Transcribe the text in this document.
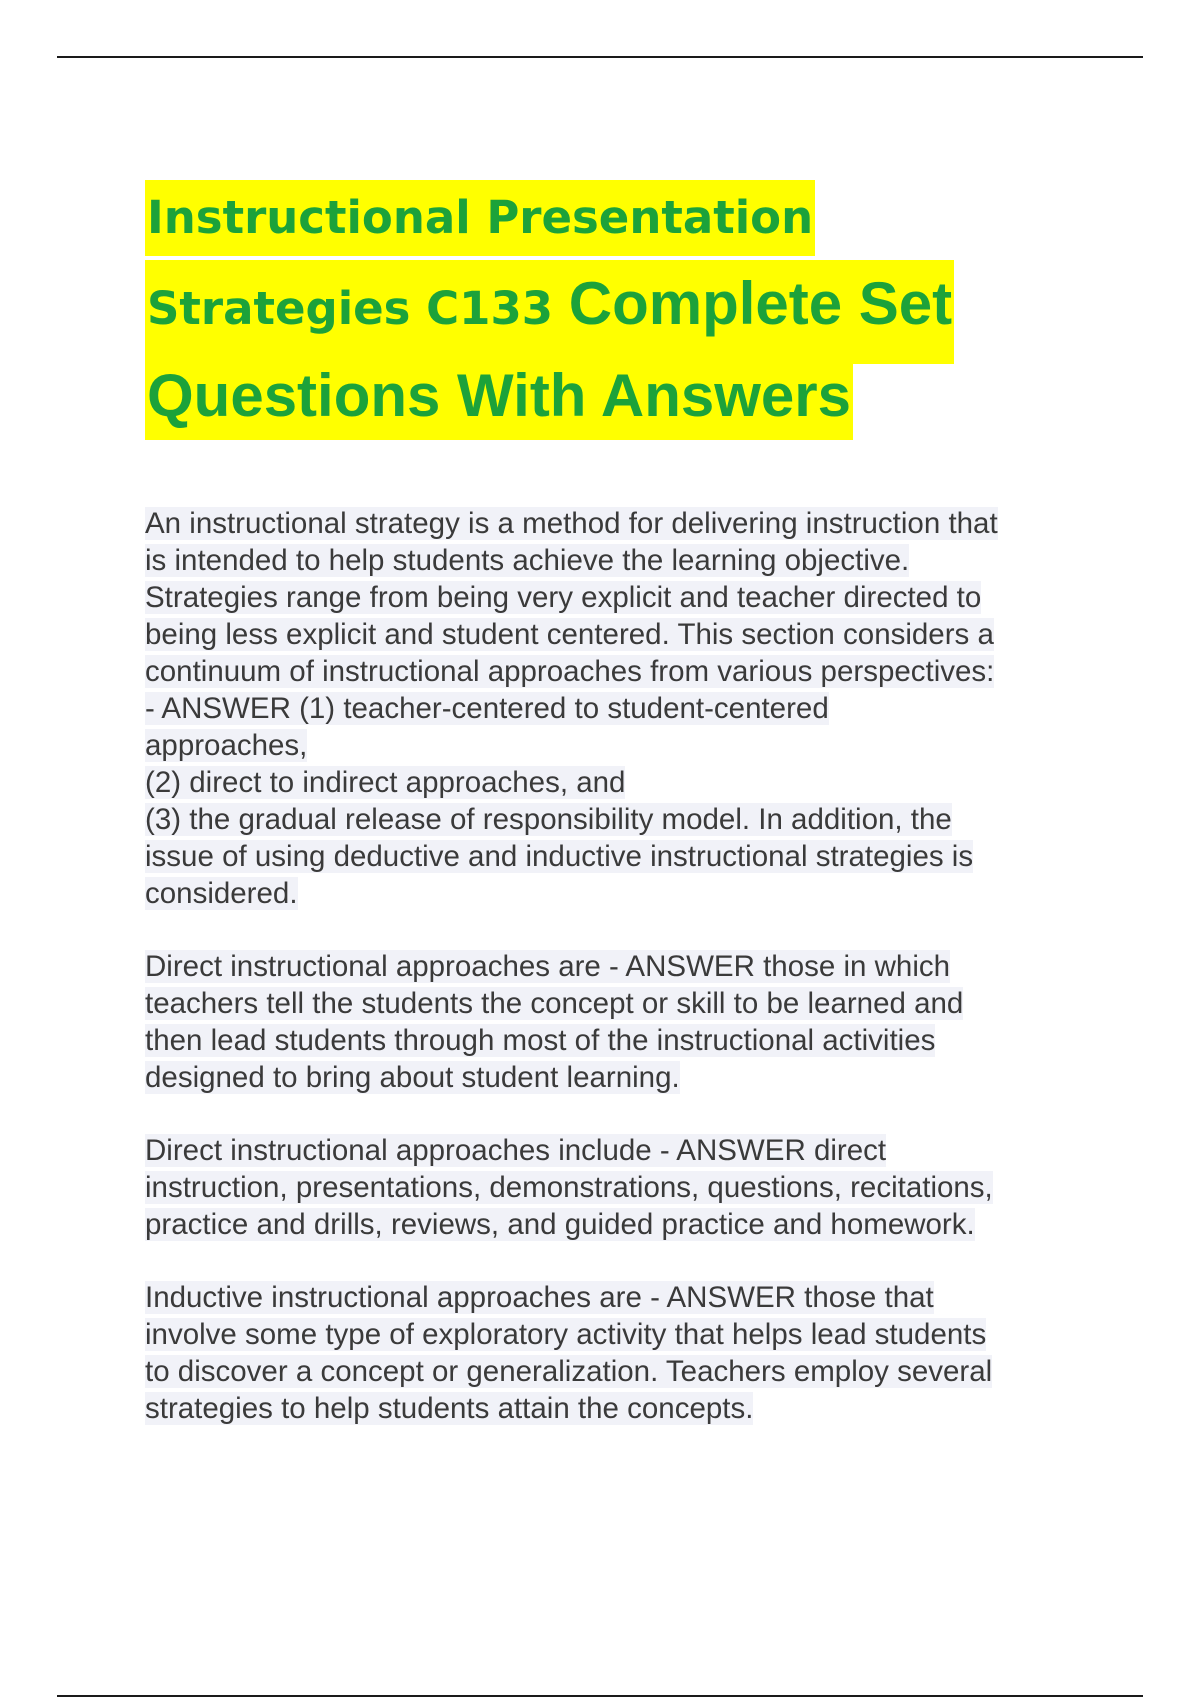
Instructional Presentation
Strategies C133 Complete Set
Questions With Answers
An instructional strategy is a method for delivering instruction that
is intended to help students achieve the learning objective.
Strategies range from being very explicit and teacher directed to
being less explicit and student centered. This section considers a
continuum of instructional approaches from various perspectives:
- ANSWER (1) teacher-centered to student-centered
approaches,
(2) direct to indirect approaches, and
(3) the gradual release of responsibility model. In addition, the
issue of using deductive and inductive instructional strategies is
considered.
Direct instructional approaches are - ANSWER those in which
teachers tell the students the concept or skill to be learned and
then lead students through most of the instructional activities
designed to bring about student learning.
Direct instructional approaches include - ANSWER direct
instruction, presentations, demonstrations, questions, recitations,
practice and drills, reviews, and guided practice and homework.
Inductive instructional approaches are - ANSWER those that
involve some type of exploratory activity that helps lead students
to discover a concept or generalization. Teachers employ several
strategies to help students attain the concepts.
